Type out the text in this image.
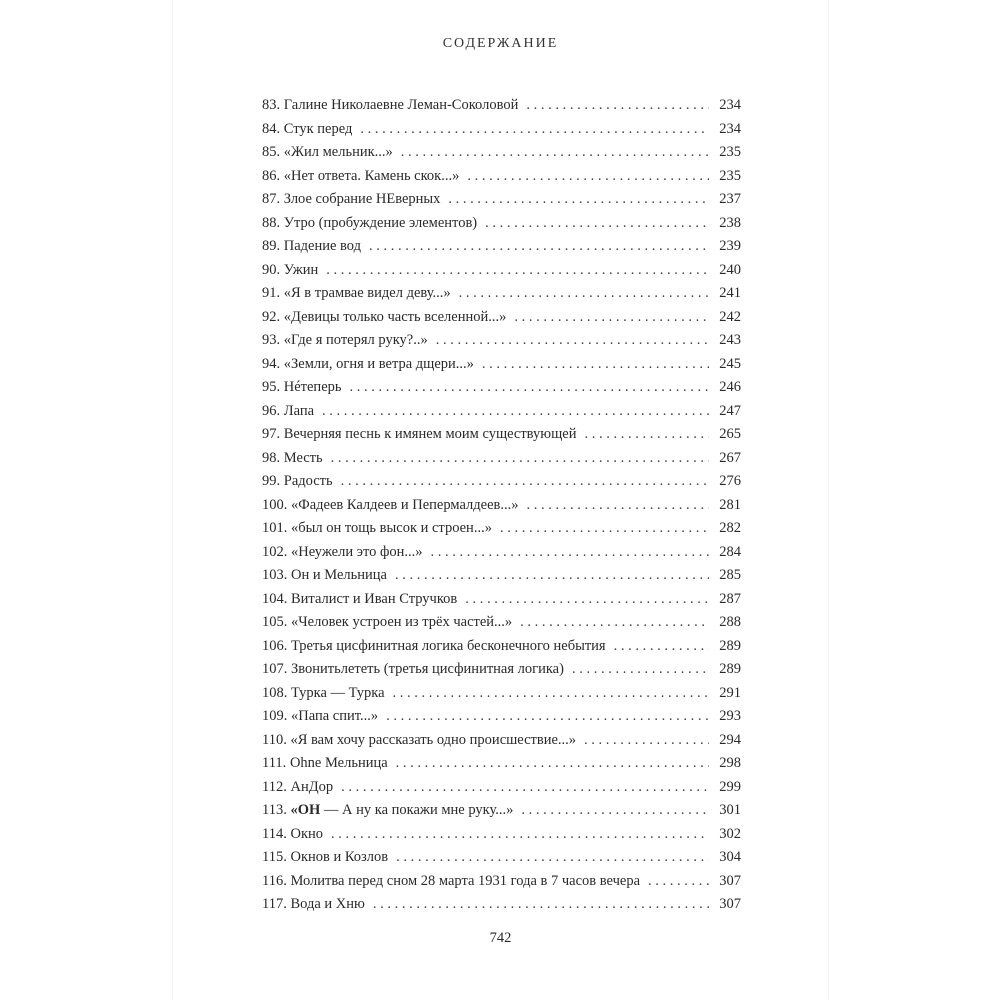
СОДЕРЖАНИЕ
83. Галине Николаевне Леман-Соколовой . . .	234
84. Стук перед . . .	234
85. «Жил мельник...» . . .	235
86. «Нет ответа. Камень скок...» . . .	235
87. Злое собрание НЕверных . . .	237
88. Утро (пробуждение элементов) . . .	238
89. Падение вод . . .	239
90. Ужин . . .	240
91. «Я в трамвае видел деву...» . . .	241
92. «Девицы только часть вселенной...» . . .	242
93. «Где я потерял руку?..» . . .	243
94. «Земли, огня и ветра дщери...» . . .	245
95. Нéтеперь . . .	246
96. Лапа . . .	247
97. Вечерняя песнь к имянем моим существующей . . .	265
98. Месть . . .	267
99. Радость . . .	276
100. «Фадеев Калдеев и Пепермалдеев...» . . .	281
101. «был он тощь высок и строен...» . . .	282
102. «Неужели это фон...» . . .	284
103. Он и Мельница . . .	285
104. Виталист и Иван Стручков . . .	287
105. «Человек устроен из трёх частей...» . . .	288
106. Третья цисфинитная логика бесконечного небытия . . .	289
107. Звонитьлететь (третья цисфинитная логика) . . .	289
108. Турка — Турка . . .	291
109. «Папа спит...» . . .	293
110. «Я вам хочу рассказать одно происшествие...» . . .	294
111. Ohne Мельница . . .	298
112. АнДор . . .	299
113. «ОН — А ну ка покажи мне руку...» . . .	301
114. Окно . . .	302
115. Окнов и Козлов . . .	304
116. Молитва перед сном 28 марта 1931 года в 7 часов вечера . . .	307
117. Вода и Хню . . .	307
742
